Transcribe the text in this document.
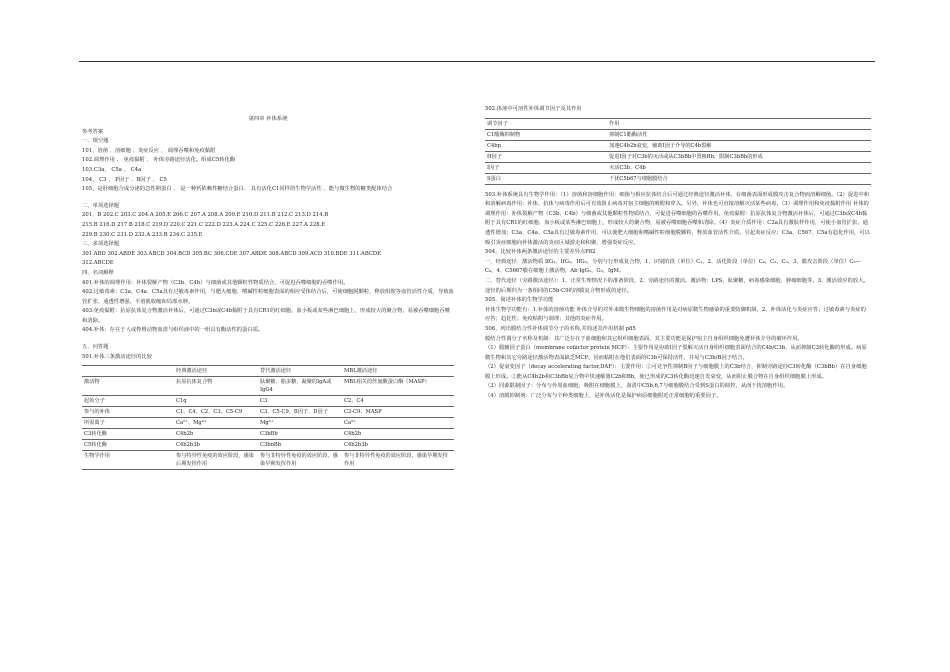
第四章 补体系统

参考答案

一、填空题

101、溶菌 、溶细胞 、炎症反应 、 调理吞噬和免疫黏附

102.调理作用 、 免疫黏附 、 补体旁路途径活化。组成C5转化酶

103.C3a、 C5a 、 C4a

104、 C3 、 P因子 、B因子 、 C5

105、是肝细胞合成分泌的急性期蛋白 、 是一种钙依赖性糖结合蛋白、 具有活化C1同样的生物学活性 、能与微生物的糖类配体结合

二、单项选择题

201、B 202.C 203.C 204.A 205.E 206.C 207.A 208.A 209.E 210.D 211.B 212.C 213.D 214.B

215.B 216.D 217.B 218.C 219.D 220.C 221.C 222.D 223.A 224.C 225.C 226.E 227.A 228.E

229.B 230.C 231.D 232.A 233.B 234.C 235.E

三、多项选择题

301.ABD 302.ABDE 303.ABCD 304.BCD 305.BC 306.CDE 307.ABDE 308.ABCD 309.ACD 310.BDE 311.ABCDE

312.ABCDE

四、名词解释

401.补体的调理作用：补体裂解产物（C3b、C4b）与细菌或其他颗粒性物质结合，可促进吞噬细胞的吞噬作用。

402.过敏毒素：C3a、C4a、C5a具有过敏毒素作用，与肥大细胞、嗜碱性粒细胞表面的相应受体结合后，可使细胞脱颗粒，释放组胺等血管活性介质，导致血管扩张、通透性增强、平滑肌收缩和局部水肿。

403.免疫黏附：抗原抗体复合物激活补体后，可通过C3b或C4b黏附于具有CR1的红细胞、血小板或某些淋巴细胞上，形成较大的聚合物，易被吞噬细胞吞噬和清除。

404.补体：存在于人或脊椎动物血清与组织液中的一组具有酶活性的蛋白质。

五、问答题

501.补体三条激活途径的比较

	经典激活途径	替代激活途径	MBL激活途径
激活物	抗原抗体复合物	肽聚糖、脂多糖、凝聚的IgA或IgG4	MBL相关的丝氨酸蛋白酶（MASP）
起始分子	C1q	C3	C2、C4
参与的补体	C1、C4、C2、C3、C5-C9	C3、C5-C9、B因子、D因子	C2-C9、MASP
所需离子	Ca²⁺、Mg²⁺	Mg²⁺	Ca²⁺
C3转化酶	C4b2b	C3bBb	C4b2b
C5转化酶	C4b2b3b	C3bnBb	C4b2b3b
生物学作用	参与特异性免疫的效应阶段，感染后期发挥作用	参与非特异性免疫的效应阶段，感染早期发挥作用	参与非特异性免疫的效应阶段，感染早期发挥作用

502.体液中可溶性补体调节因子及其作用

调节因子	作用
C1酯酶抑制物	抑制C1酯酶活性
C4bp	加速C4b2b衰变，辅助I因子介导的C4b裂解
H因子	促进I因子对C3b的灭活或从C3bBb中置换Bb，限制C3bBb的形成
I因子	灭活C3b、C4b
S蛋白	干扰C5b67与细胞膜结合

503.补体系统具有生物学作用：（1）溶菌和溶细胞作用：细菌与相应抗体结合后可通过经典途径激活补体，在细菌表面形成膜攻击复合物而溶解细菌。（2）促进中和和溶解病毒作用：补体、抗体与病毒作用后可有效阻止病毒对宿主细胞的吸附和穿入。另外，补体也可直接溶解灭活某些病毒。（3）调理作用和免疫黏附作用 补体的调理作用：补体裂解产物（C3b、C4b）与细菌或其他颗粒性物质结合，可促进吞噬细胞的吞噬作用。免疫黏附：抗原抗体复合物激活补体后，可通过C3b或C4b黏附于具有CR1的红细胞、血小板或某些淋巴细胞上，形成较大的聚合物，易被吞噬细胞吞噬和清除。（4）炎症介质作用：C2a具有激肽样作用，可使小血管扩张、通透性增加；C3a、C4a、C5a具有过敏毒素作用，可以使肥大细胞和嗜碱性粒细胞脱颗粒，释放血管活性介质，引起炎症反应；C3a、C567、C5a有趋化作用，可以吸引炎症细胞向补体激活的炎症区域游走和积聚，增强炎症反应。

504、比较补体两条激活途径的主要差异点P82

一、经典途径：激活物质 IfG₁，IfG₂，IfG₃，分别与行形成复合物，1、识别阶段（单位）C₁，2、活化阶段（单位）C₄，C₂，C₃，3、膜攻击阶段（单位）C₅—C₉，4、C5667膜在细胞上激活物，Ab IgG₁，G₃，IgM。

二、替代途径（旁路激活途径）：1、正常生理情况下的准备阶段，2、旁路途径的激活。激活物：LPS，肽聚糖，病毒感染细胞，肿瘤细胞等。3、激活效应的放大。途径的后期归为一条相同的C5b-C9的溶膜复合物形成的途径。

505、简述补体的生物学功能

补体生物学功能有：1.补体的溶菌功能 补体介导的对外来微生物细胞的溶菌作用是对病原微生物感染的重要防御机制。2、补体活化与炎症应答；过敏毒素与炎症的应答；趋化性；免疫粘附与调理；其他的炎症作用。

506、列出膜结合性补体调节分子的名称,并简述其作用机制 p85

膜结合性调分子名称及机制：其广泛存在于血细胞和其它组织细胞表面，其主要功能是保护宿主自身组织细胞免遭补体介导的破坏作用。

（1）膜辅因子蛋白（membrane cofactor protein MCP）：主要作用是协助I因子裂解灭活自身组织细胞表面结合的C4b/C3b，从而抑制C3转化酶的形成。病原微生物和其它旁路途径激活物表面缺乏MCP，因而粘附在他们表面的C3b可保持活性，并易与C3b/B因子结合。

（2）促衰变因子（decay accelerating factor,DAF）：主要作用：①可竞争性抑制B因子与细胞膜上的C3b结合，抑制旁路途径C3转化酶（C3bBb）在自身细胞膜上形成。②能从C4b2b和C3bBb复合物中快速解离C2b和Bb，使已形成的C3转化酶迅速自发衰变，从而阻止膜合物在自身组织细胞膜上形成。

（3）同源限制因子：分布与外周血细胞，吸附在细胞膜上，血清中C5b,6,7与细胞膜结合受到S蛋白的调控，从而干扰溶胞作用。

（4）溶膜抑制剂：广泛分布与个种类细胞上，是补体活化是保护病原细胞附近正常细胞的重要因子。
